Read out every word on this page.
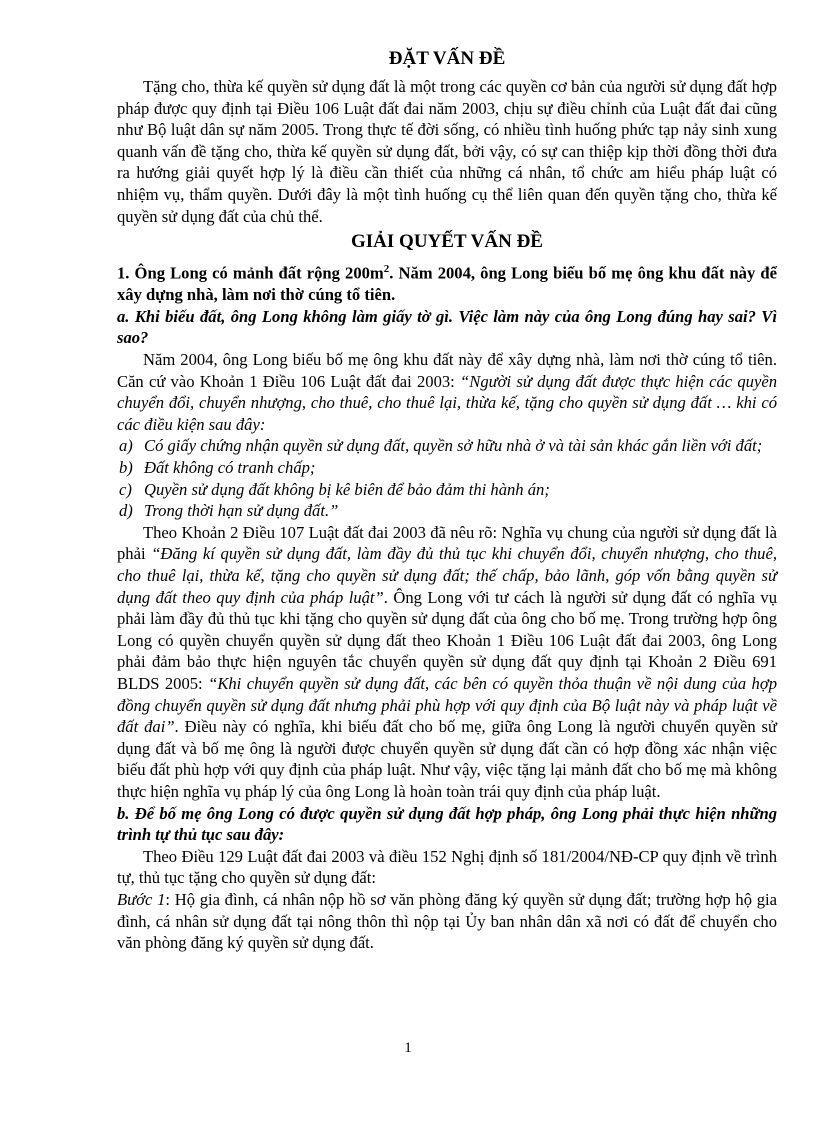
ĐẶT VẤN ĐỀ

Tặng cho, thừa kế quyền sử dụng đất là một trong các quyền cơ bản của người sử dụng đất hợp pháp được quy định tại Điều 106 Luật đất đai năm 2003, chịu sự điều chỉnh của Luật đất đai cũng như Bộ luật dân sự năm 2005. Trong thực tế đời sống, có nhiều tình huống phức tạp nảy sinh xung quanh vấn đề tặng cho, thừa kế quyền sử dụng đất, bởi vậy, có sự can thiệp kịp thời đồng thời đưa ra hướng giải quyết hợp lý là điều cần thiết của những cá nhân, tổ chức am hiểu pháp luật có nhiệm vụ, thẩm quyền. Dưới đây là một tình huống cụ thể liên quan đến quyền tặng cho, thừa kế quyền sử dụng đất của chủ thể.

GIẢI QUYẾT VẤN ĐỀ

1. Ông Long có mảnh đất rộng $200m^2$. Năm 2004, ông Long biếu bố mẹ ông khu đất này để xây dựng nhà, làm nơi thờ cúng tổ tiên.

a. Khi biếu đất, ông Long không làm giấy tờ gì. Việc làm này của ông Long đúng hay sai? Vì sao?

Năm 2004, ông Long biếu bố mẹ ông khu đất này để xây dựng nhà, làm nơi thờ cúng tổ tiên. Căn cứ vào Khoản 1 Điều 106 Luật đất đai 2003: “Người sử dụng đất được thực hiện các quyền chuyển đổi, chuyển nhượng, cho thuê, cho thuê lại, thừa kế, tặng cho quyền sử dụng đất … khi có các điều kiện sau đây:

a) Có giấy chứng nhận quyền sử dụng đất, quyền sở hữu nhà ở và tài sản khác gắn liền với đất;
b) Đất không có tranh chấp;
c) Quyền sử dụng đất không bị kê biên để bảo đảm thi hành án;
d) Trong thời hạn sử dụng đất.”

Theo Khoản 2 Điều 107 Luật đất đai 2003 đã nêu rõ: Nghĩa vụ chung của người sử dụng đất là phải “Đăng kí quyền sử dụng đất, làm đầy đủ thủ tục khi chuyển đổi, chuyển nhượng, cho thuê, cho thuê lại, thừa kế, tặng cho quyền sử dụng đất; thế chấp, bảo lãnh, góp vốn bằng quyền sử dụng đất theo quy định của pháp luật”. Ông Long với tư cách là người sử dụng đất có nghĩa vụ phải làm đầy đủ thủ tục khi tặng cho quyền sử dụng đất của ông cho bố mẹ. Trong trường hợp ông Long có quyền chuyển quyền sử dụng đất theo Khoản 1 Điều 106 Luật đất đai 2003, ông Long phải đảm bảo thực hiện nguyên tắc chuyển quyền sử dụng đất quy định tại Khoản 2 Điều 691 BLDS 2005: “Khi chuyển quyền sử dụng đất, các bên có quyền thỏa thuận về nội dung của hợp đồng chuyển quyền sử dụng đất nhưng phải phù hợp với quy định của Bộ luật này và pháp luật về đất đai”. Điều này có nghĩa, khi biếu đất cho bố mẹ, giữa ông Long là người chuyển quyền sử dụng đất và bố mẹ ông là người được chuyển quyền sử dụng đất cần có hợp đồng xác nhận việc biếu đất phù hợp với quy định của pháp luật. Như vậy, việc tặng lại mảnh đất cho bố mẹ mà không thực hiện nghĩa vụ pháp lý của ông Long là hoàn toàn trái quy định của pháp luật.

b. Để bố mẹ ông Long có được quyền sử dụng đất hợp pháp, ông Long phải thực hiện những trình tự thủ tục sau đây:

Theo Điều 129 Luật đất đai 2003 và điều 152 Nghị định số 181/2004/NĐ-CP quy định về trình tự, thủ tục tặng cho quyền sử dụng đất:

Bước 1: Hộ gia đình, cá nhân nộp hồ sơ văn phòng đăng ký quyền sử dụng đất; trường hợp hộ gia đình, cá nhân sử dụng đất tại nông thôn thì nộp tại Ủy ban nhân dân xã nơi có đất để chuyển cho văn phòng đăng ký quyền sử dụng đất.

1
